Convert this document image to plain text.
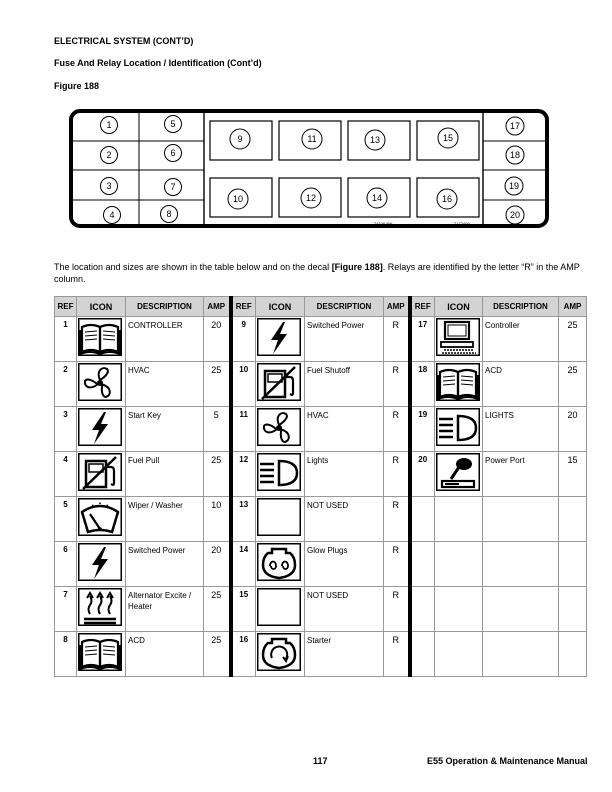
ELECTRICAL SYSTEM (CONT’D)
Fuse And Relay Location / Identification (Cont’d)
Figure 188
1
2
3
4
5
6
7
8
9	11	13	15
10	12	14	16
17
18
19
20
74109 8W	7172409
The location and sizes are shown in the table below and on the decal [Figure 188]. Relays are identified by the letter “R” in the AMP column.
REF	ICON	DESCRIPTION	AMP	REF	ICON	DESCRIPTION	AMP	REF	ICON	DESCRIPTION	AMP
1		CONTROLLER	20	9		Switched Power	R	17		Controller	25
2		HVAC	25	10		Fuel Shutoff	R	18		ACD	25
3		Start Key	5	11		HVAC	R	19		LIGHTS	20
4		Fuel Pull	25	12		Lights	R	20		Power Port	15
5		Wiper / Washer	10	13		NOT USED	R				
6		Switched Power	20	14		Glow Plugs	R				
7		Alternator Excite / Heater	25	15		NOT USED	R				
8		ACD	25	16		Starter	R				
117	E55 Operation & Maintenance Manual
